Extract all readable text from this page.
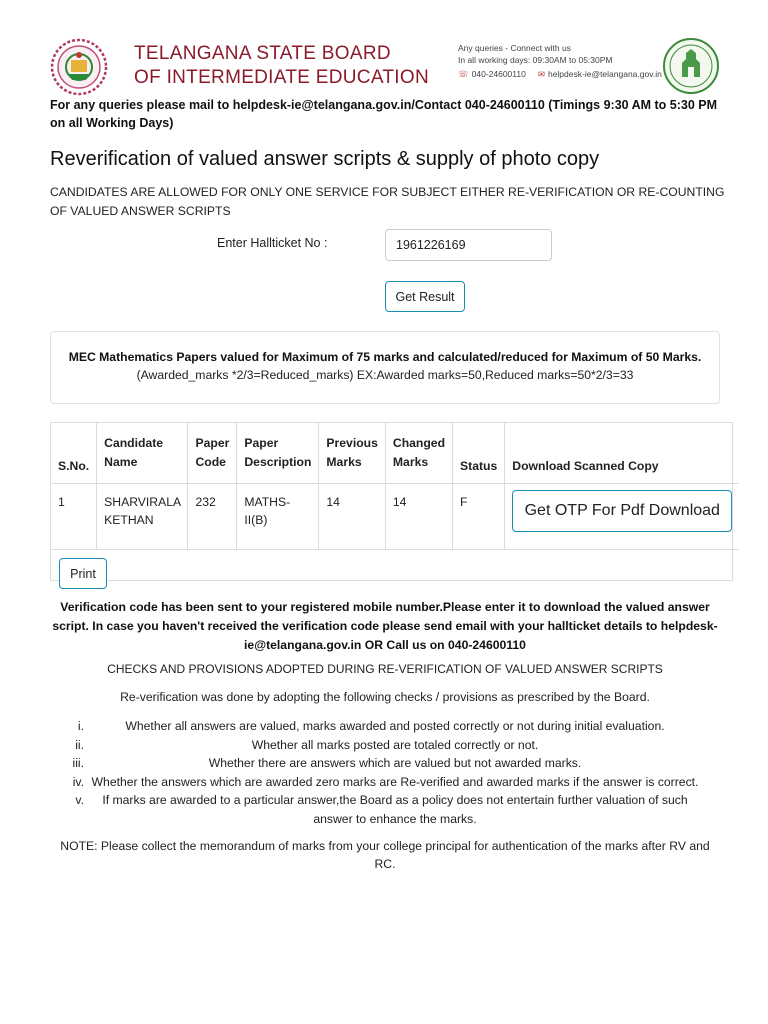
TELANGANA STATE BOARD
OF INTERMEDIATE EDUCATION
Any queries - Connect with us
In all working days: 09:30AM to 05:30PM
☏ 040-24600110 ✉ helpdesk-ie@telangana.gov.in
For any queries please mail to helpdesk-ie@telangana.gov.in/Contact 040-24600110 (Timings 9:30 AM to 5:30 PM on all Working Days)
Reverification of valued answer scripts & supply of photo copy
CANDIDATES ARE ALLOWED FOR ONLY ONE SERVICE FOR SUBJECT EITHER RE-VERIFICATION OR RE-COUNTING OF VALUED ANSWER SCRIPTS
Enter Hallticket No :
1961226169
Get Result
MEC Mathematics Papers valued for Maximum of 75 marks and calculated/reduced for Maximum of 50 Marks.
(Awarded_marks *2/3=Reduced_marks) EX:Awarded marks=50,Reduced marks=50*2/3=33
S.No.	Candidate Name	Paper Code	Paper Description	Previous Marks	Changed Marks	Status	Download Scanned Copy
1	SHARVIRALA KETHAN	232	MATHS-II(B)	14	14	F	Get OTP For Pdf Download
Print
Verification code has been sent to your registered mobile number.Please enter it to download the valued answer script. In case you haven't received the verification code please send email with your hallticket details to helpdesk-ie@telangana.gov.in OR Call us on 040-24600110
CHECKS AND PROVISIONS ADOPTED DURING RE-VERIFICATION OF VALUED ANSWER SCRIPTS
Re-verification was done by adopting the following checks / provisions as prescribed by the Board.
i.	Whether all answers are valued, marks awarded and posted correctly or not during initial evaluation.
ii.	Whether all marks posted are totaled correctly or not.
iii.	Whether there are answers which are valued but not awarded marks.
iv. Whether the answers which are awarded zero marks are Re-verified and awarded marks if the answer is correct.
v. If marks are awarded to a particular answer,the Board as a policy does not entertain further valuation of such answer to enhance the marks.
NOTE: Please collect the memorandum of marks from your college principal for authentication of the marks after RV and RC.
